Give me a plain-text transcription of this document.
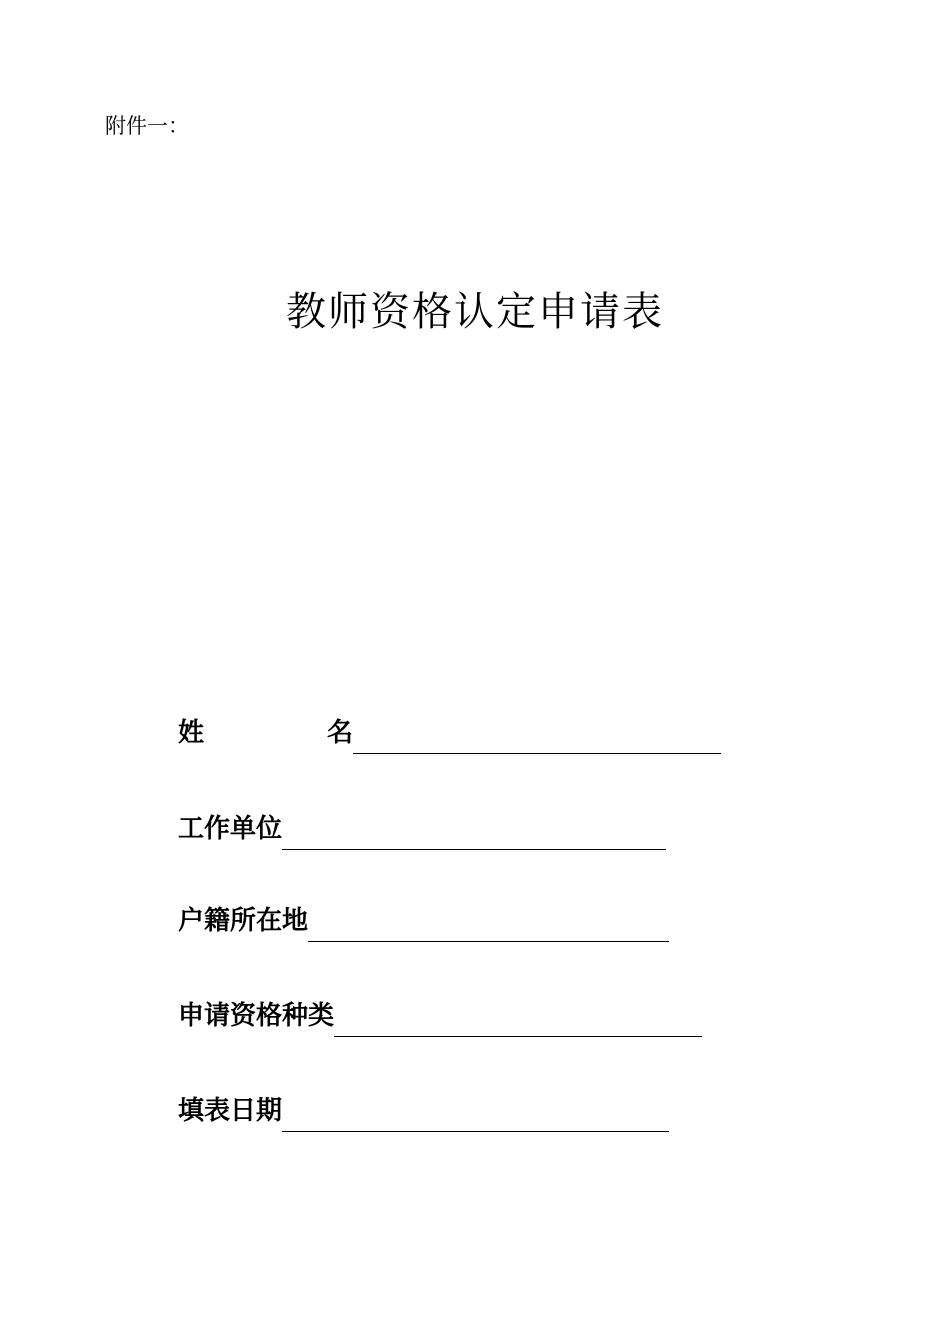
附件一：
教师资格认定申请表
姓	名
工作单位
户籍所在地
申请资格种类
填表日期
